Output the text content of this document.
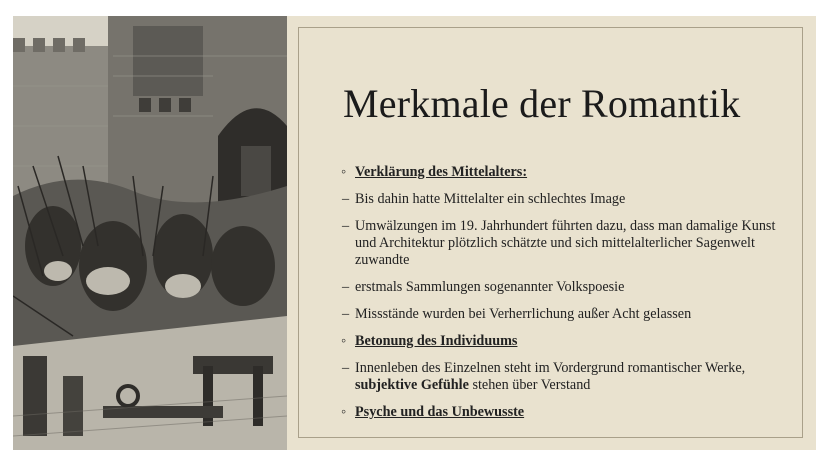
Merkmale der Romantik
◦ Verklärung des Mittelalters:
– Bis dahin hatte Mittelalter ein schlechtes Image
– Umwälzungen im 19. Jahrhundert führten dazu, dass man damalige Kunst und Architektur plötzlich schätzte und sich mittelalterlicher Sagenwelt zuwandte
– erstmals Sammlungen sogenannter Volkspoesie
– Missstände wurden bei Verherrlichung außer Acht gelassen
◦ Betonung des Individuums
– Innenleben des Einzelnen steht im Vordergrund romantischer Werke, subjektive Gefühle stehen über Verstand
◦ Psyche und das Unbewusste
